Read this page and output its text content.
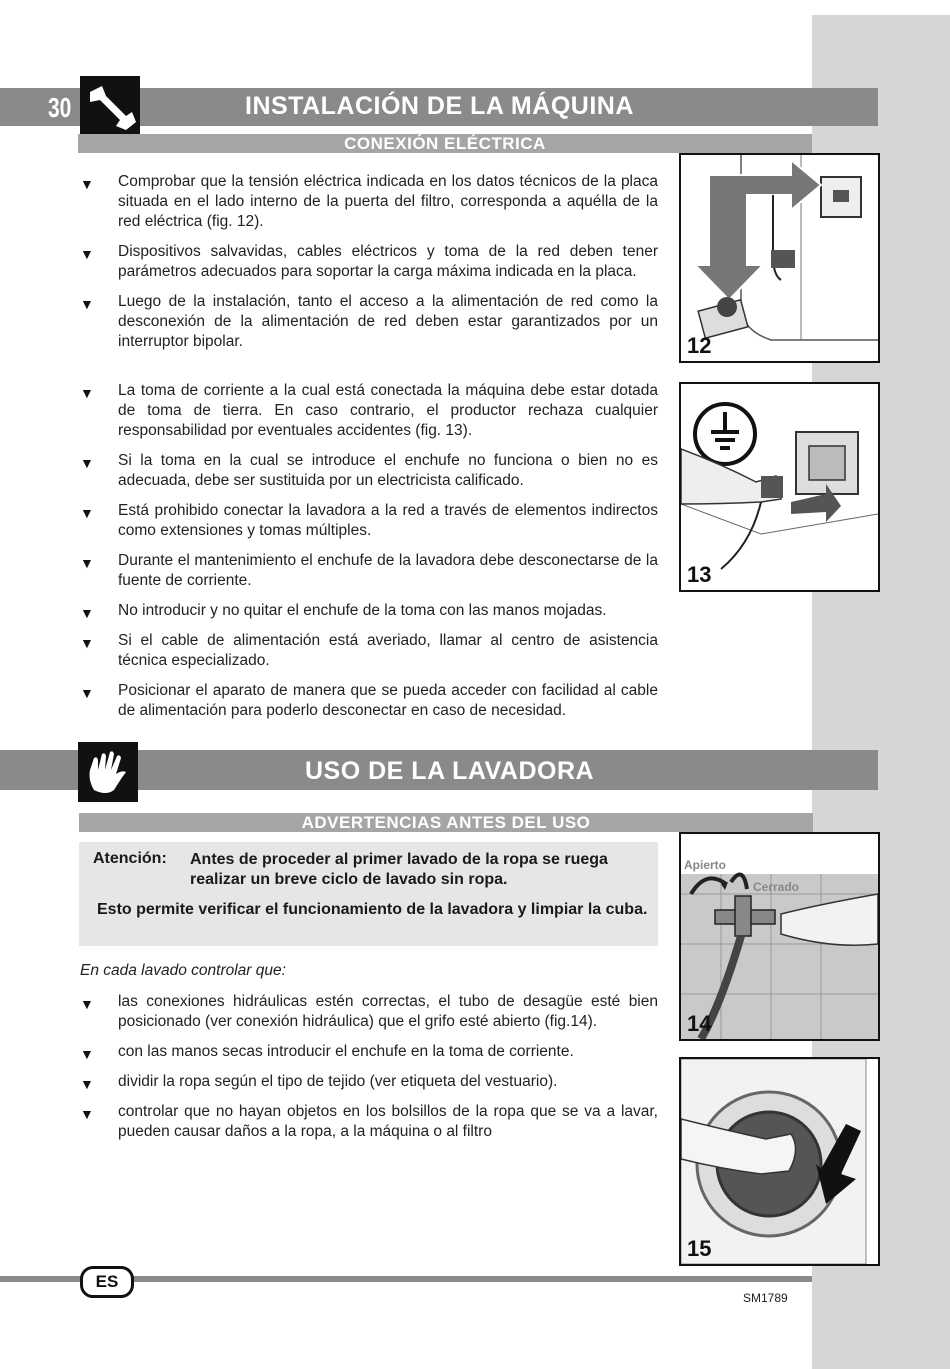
30	INSTALACIÓN DE LA MÁQUINA
CONEXIÓN ELÉCTRICA
▼ Comprobar que la tensión eléctrica indicada en los datos técnicos de la placa situada en el lado interno de la puerta del filtro, corresponda a aquélla de la red eléctrica (fig. 12).
▼ Dispositivos salvavidas, cables eléctricos y toma de la red deben tener parámetros adecuados para soportar la carga máxima indicada en la placa.
▼ Luego de la instalación, tanto el acceso a la alimentación de red como la desconexión de la alimentación de red deben estar garantizados por un interruptor bipolar.
▼ La toma de corriente a la cual está conectada la máquina debe estar dotada de toma de tierra. En caso contrario, el productor rechaza cualquier responsabilidad por eventuales accidentes (fig. 13).
▼ Si la toma en la cual se introduce el enchufe no funciona o bien no es adecuada, debe ser sustituida por un electricista calificado.
▼ Está prohibido conectar la lavadora a la red a través de elementos indirectos como extensiones y tomas múltiples.
▼ Durante el mantenimiento el enchufe de la lavadora debe desconectarse de la fuente de corriente.
▼ No introducir y no quitar el enchufe de la toma con las manos mojadas.
▼ Si el cable de alimentación está averiado, llamar al centro de asistencia técnica especializado.
▼ Posicionar el aparato de manera que se pueda acceder con facilidad al cable de alimentación para poderlo desconectar en caso de necesidad.
12
13
USO DE LA LAVADORA
ADVERTENCIAS ANTES DEL USO
Atención: Antes de proceder al primer lavado de la ropa se ruega realizar un breve ciclo de lavado sin ropa.
Esto permite verificar el funcionamiento de la lavadora y limpiar la cuba.
En cada lavado controlar que:
▼ las conexiones hidráulicas estén correctas, el tubo de desagüe esté bien posicionado (ver conexión hidráulica) que el grifo esté abierto (fig.14).
▼ con las manos secas introducir el enchufe en la toma de corriente.
▼ dividir la ropa según el tipo de tejido (ver etiqueta del vestuario).
▼ controlar que no hayan objetos en los bolsillos de la ropa que se va a lavar, pueden causar daños a la ropa, a la máquina o al filtro
Apierto
Cerrado
14
15
ES
SM1789
